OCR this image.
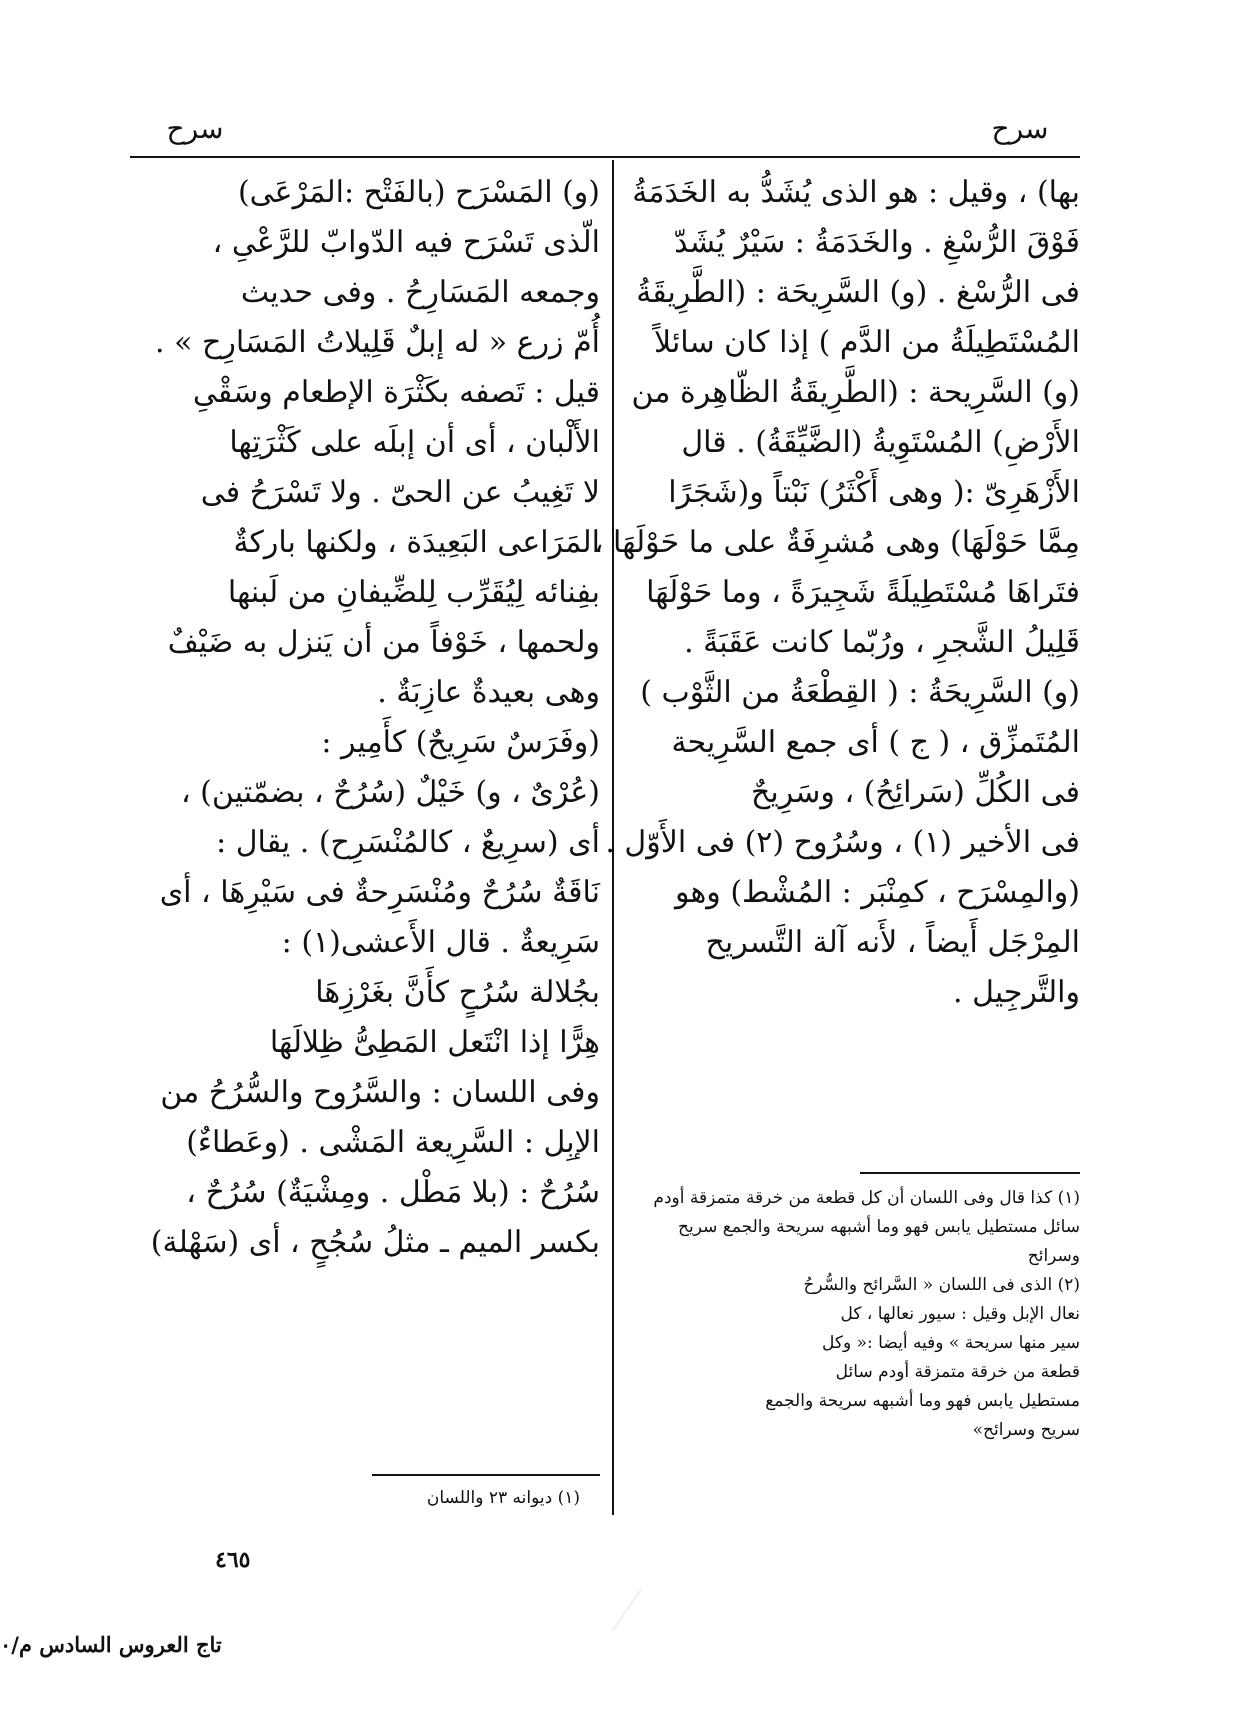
سرح
سرح
بها) ، وقيل : هو الذى يُشَدُّ به الخَدَمَةُ
فَوْقَ الرُّسْغِ . والخَدَمَةُ : سَيْرٌ يُشَدّ
فى الرُّسْغ . (و) السَّرِيحَة : (الطَّرِيقَةُ
المُسْتَطِيلَةُ من الدَّم ) إذا كان سائلاً
(و) السَّرِيحة : (الطَّرِيقَةُ الظّاهِرة من
الأَرْضِ) المُسْتَوِيةُ (الضَّيِّقَةُ) . قال
الأَزْهَرِىّ :( وهى أَكْثَرُ) نَبْتاً و(شَجَرًا
مِمَّا حَوْلَهَا) وهى مُشرِفَةٌ على ما حَوْلَهَا ،
فتَراهَا مُسْتَطِيلَةً شَجِيرَةً ، وما حَوْلَهَا
قَلِيلُ الشَّجرِ ، ورُبّما كانت عَقَبَةً .
(و) السَّرِيحَةُ : ( القِطْعَةُ من الثَّوْب )
المُتَمزِّق ، ( ج ) أى جمع السَّرِيحة
فى الكُلِّ (سَرائِحُ) ، وسَرِيحٌ
فى الأخير (١) ، وسُرُوح (٢) فى الأَوّل .
(والمِسْرَح ، كمِنْبَر : المُشْط) وهو
المِرْجَل أَيضاً ، لأَنه آلة التَّسريح
والتَّرجِيل .
(١) كذا قال وفى اللسان أن كل قطعة من خرقة متمزقة أودم
سائل مستطيل يابس فهو وما أشبهه سريحة والجمع سريح
وسرائح
(٢) الذى فى اللسان « السَّرائح والسُّرحُ
نعال الإبل وقيل : سيور نعالها ، كل
سير منها سريحة » وفيه أيضا :« وكل
قطعة من خرقة متمزقة أودم سائل
مستطيل يابس فهو وما أشبهه سريحة والجمع
سريح وسرائح»
(و) المَسْرَح (بالفَتْح :المَرْعَى)
الّذى تَسْرَح فيه الدّوابّ للرَّعْىِ ،
وجمعه المَسَارِحُ . وفى حديث
أُمّ زرع « له إبلٌ قَلِيلاتُ المَسَارِح » .
قيل : تَصفه بكَثْرَة الإطعام وسَقْىِ
الأَلْبان ، أى أن إبلَه على كَثْرَتِها
لا تَغِيبُ عن الحىّ . ولا تَسْرَحُ فى
المَرَاعى البَعِيدَة ، ولكنها باركةٌ
بفِنائه لِيُقَرِّب لِلضِّيفانِ من لَبنها
ولحمها ، خَوْفاً من أن يَنزل به ضَيْفٌ
وهى بعيدةٌ عازِبَةٌ .
(وفَرَسٌ سَرِيحٌ) كأَمِير :
(عُرْىٌ ، و) خَيْلٌ (سُرُحٌ ، بضمّتين) ،
أى (سرِيعٌ ، كالمُنْسَرِح) . يقال :
نَاقَةٌ سُرُحٌ ومُنْسَرِحةٌ فى سَيْرِهَا ، أى
سَرِيعةٌ . قال الأَعشى(١) :
بجُلالة سُرُحٍ كأَنَّ بغَرْزِهَا
هِرًّا إذا انْتَعل المَطِىُّ ظِلالَهَا
وفى اللسان : والسَّرُوح والسُّرُحُ من
الإبِل : السَّرِيعة المَشْى . (وعَطاءٌ)
سُرُحٌ : (بلا مَطْل . ومِشْيَةٌ) سُرُحٌ ،
بكسر الميم ـ مثلُ سُجُحٍ ، أى (سَهْلة)
(١) ديوانه ٢٣ واللسان
٤٦٥
تاج العروس السادس م/٠
